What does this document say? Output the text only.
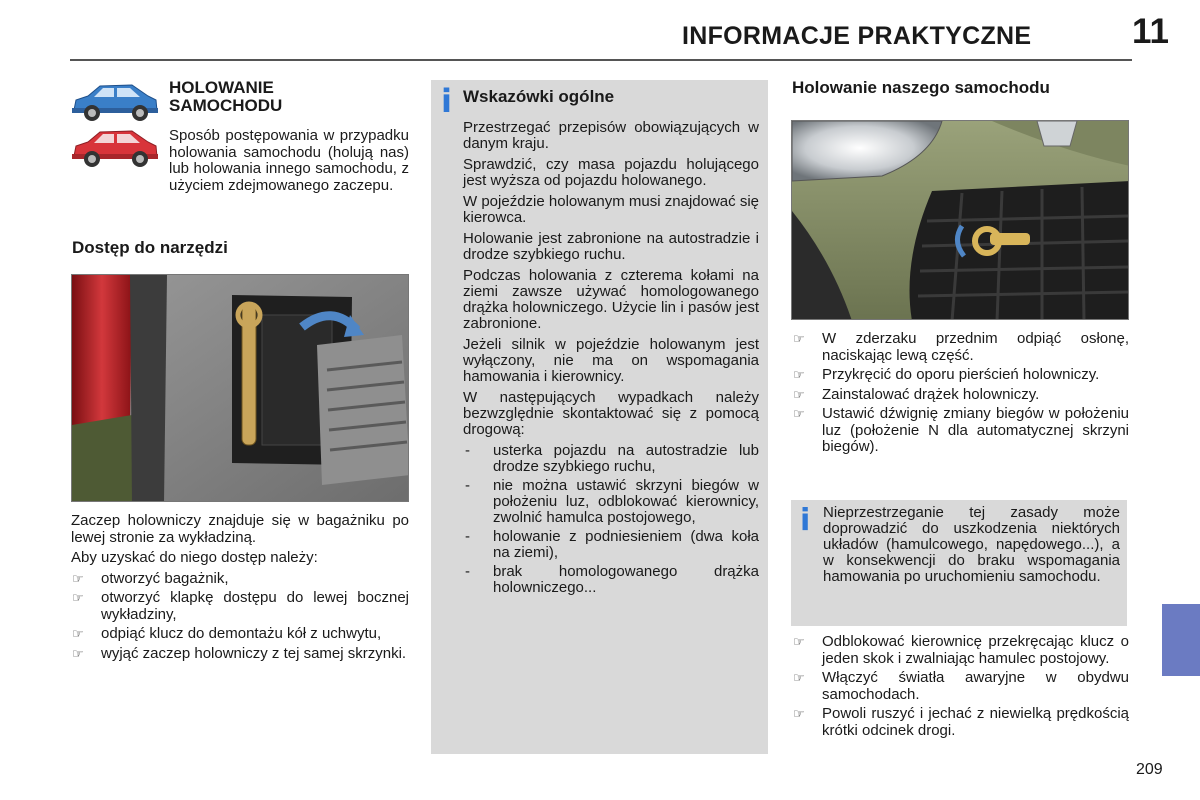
INFORMACJE PRAKTYCZNE	11
HOLOWANIE SAMOCHODU
Sposób postępowania w przypadku holowania samochodu (holują nas) lub holowania innego samochodu, z użyciem zdejmowanego zaczepu.
Dostęp do narzędzi
Zaczep holowniczy znajduje się w bagażniku po lewej stronie za wykładziną.
Aby uzyskać do niego dostęp należy:
☞ otworzyć bagażnik,
☞ otworzyć klapkę dostępu do lewej bocznej wykładziny,
☞ odpiąć klucz do demontażu kół z uchwytu,
☞ wyjąć zaczep holowniczy z tej samej skrzynki.
i Wskazówki ogólne
Przestrzegać przepisów obowiązujących w danym kraju.
Sprawdzić, czy masa pojazdu holującego jest wyższa od pojazdu holowanego.
W pojeździe holowanym musi znajdować się kierowca.
Holowanie jest zabronione na autostradzie i drodze szybkiego ruchu.
Podczas holowania z czterema kołami na ziemi zawsze używać homologowanego drążka holowniczego. Użycie lin i pasów jest zabronione.
Jeżeli silnik w pojeździe holowanym jest wyłączony, nie ma on wspomagania hamowania i kierownicy.
W następujących wypadkach należy bezwzględnie skontaktować się z pomocą drogową:
- usterka pojazdu na autostradzie lub drodze szybkiego ruchu,
- nie można ustawić skrzyni biegów w położeniu luz, odblokować kierownicy, zwolnić hamulca postojowego,
- holowanie z podniesieniem (dwa koła na ziemi),
- brak homologowanego drążka holowniczego...
Holowanie naszego samochodu
☞ W zderzaku przednim odpiąć osłonę, naciskając lewą część.
☞ Przykręcić do oporu pierścień holowniczy.
☞ Zainstalować drążek holowniczy.
☞ Ustawić dźwignię zmiany biegów w położeniu luz (położenie N dla automatycznej skrzyni biegów).
i Nieprzestrzeganie tej zasady może doprowadzić do uszkodzenia niektórych układów (hamulcowego, napędowego...), a w konsekwencji do braku wspomagania hamowania po uruchomieniu samochodu.
☞ Odblokować kierownicę przekręcając klucz o jeden skok i zwalniając hamulec postojowy.
☞ Włączyć światła awaryjne w obydwu samochodach.
☞ Powoli ruszyć i jechać z niewielką prędkością krótki odcinek drogi.
209
